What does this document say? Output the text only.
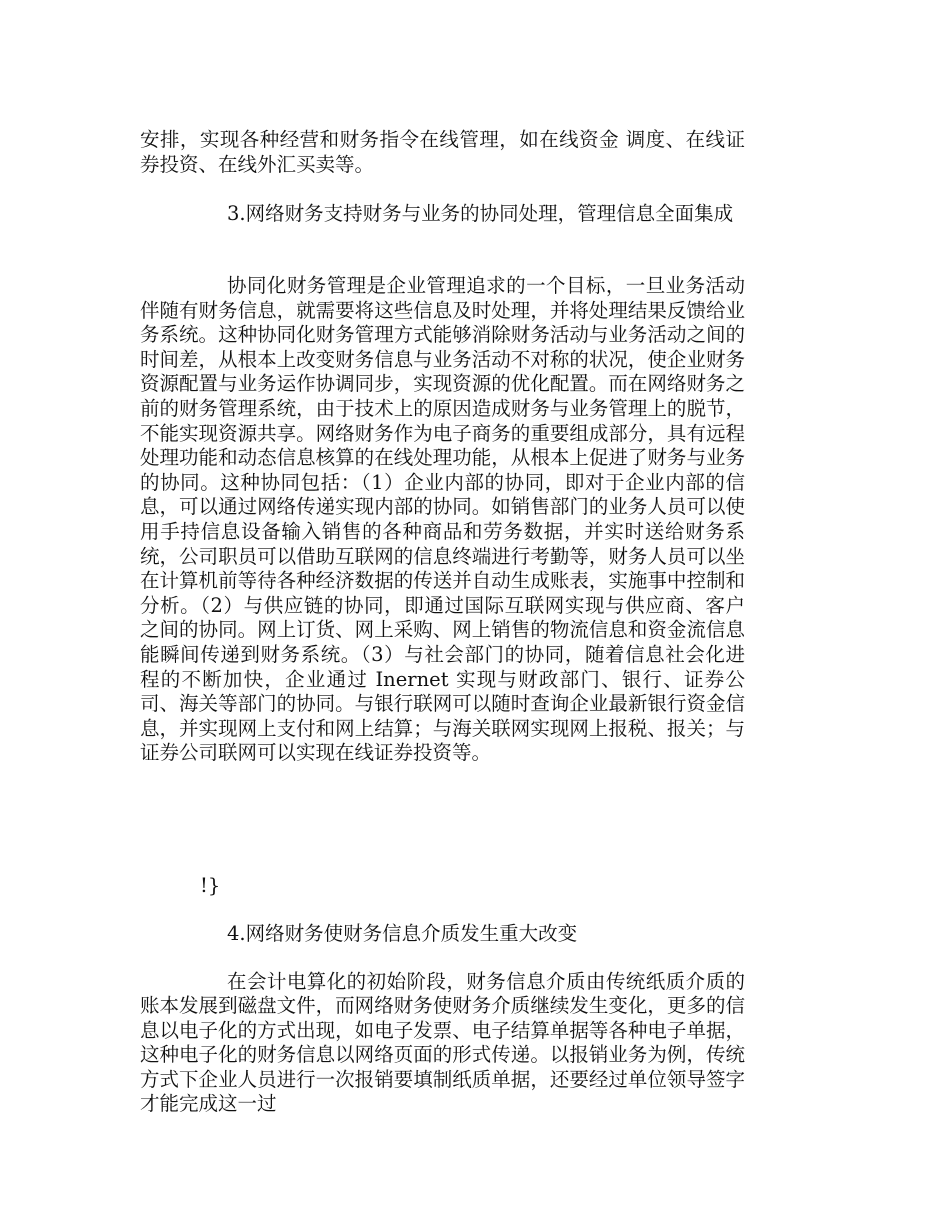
安排，实现各种经营和财务指令在线管理，如在线资金 调度、在线证券投资、在线外汇买卖等。

3.网络财务支持财务与业务的协同处理，管理信息全面集成

协同化财务管理是企业管理追求的一个目标，一旦业务活动伴随有财务信息，就需要将这些信息及时处理，并将处理结果反馈给业务系统。这种协同化财务管理方式能够消除财务活动与业务活动之间的时间差，从根本上改变财务信息与业务活动不对称的状况，使企业财务资源配置与业务运作协调同步，实现资源的优化配置。而在网络财务之前的财务管理系统，由于技术上的原因造成财务与业务管理上的脱节，不能实现资源共享。网络财务作为电子商务的重要组成部分，具有远程处理功能和动态信息核算的在线处理功能，从根本上促进了财务与业务的协同。这种协同包括：（1）企业内部的协同，即对于企业内部的信息，可以通过网络传递实现内部的协同。如销售部门的业务人员可以使用手持信息设备输入销售的各种商品和劳务数据，并实时送给财务系统，公司职员可以借助互联网的信息终端进行考勤等，财务人员可以坐在计算机前等待各种经济数据的传送并自动生成账表，实施事中控制和分析。（2）与供应链的协同，即通过国际互联网实现与供应商、客户之间的协同。网上订货、网上采购、网上销售的物流信息和资金流信息能瞬间传递到财务系统。（3）与社会部门的协同，随着信息社会化进程的不断加快，企业通过 Inernet 实现与财政部门、银行、证券公司、海关等部门的协同。与银行联网可以随时查询企业最新银行资金信息，并实现网上支付和网上结算；与海关联网实现网上报税、报关；与证券公司联网可以实现在线证券投资等。

!}

4.网络财务使财务信息介质发生重大改变

在会计电算化的初始阶段，财务信息介质由传统纸质介质的账本发展到磁盘文件，而网络财务使财务介质继续发生变化，更多的信息以电子化的方式出现，如电子发票、电子结算单据等各种电子单据，这种电子化的财务信息以网络页面的形式传递。以报销业务为例，传统方式下企业人员进行一次报销要填制纸质单据，还要经过单位领导签字才能完成这一过
